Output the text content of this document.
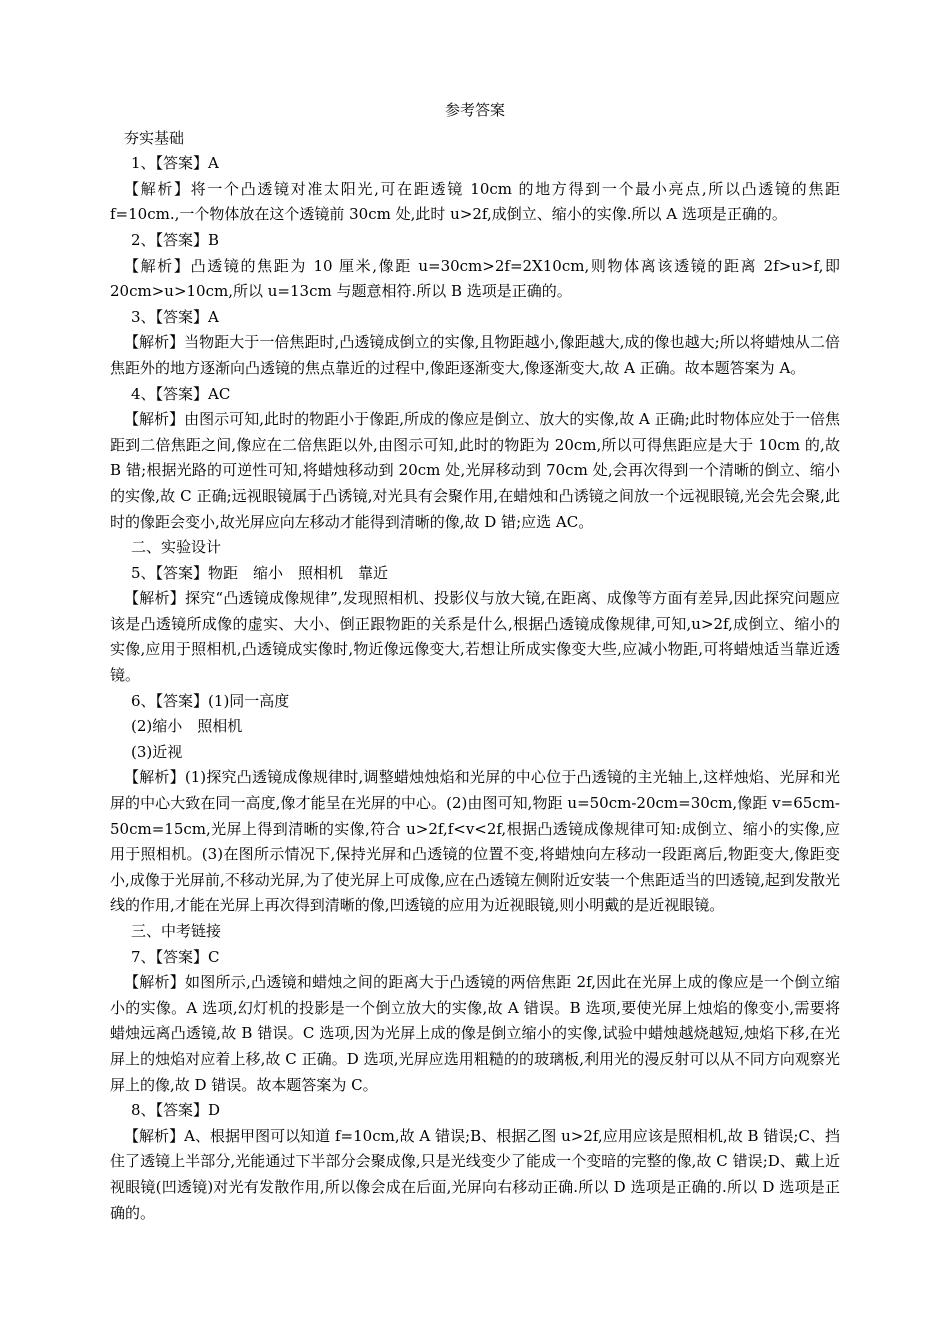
参考答案
夯实基础
1、【答案】A
【解析】将一个凸透镜对准太阳光,可在距透镜 10cm 的地方得到一个最小亮点,所以凸透镜的焦距 f=10cm.,一个物体放在这个透镜前 30cm 处,此时 u>2f,成倒立、缩小的实像.所以 A 选项是正确的。
2、【答案】B
【解析】凸透镜的焦距为 10 厘米,像距 u=30cm>2f=2X10cm,则物体离该透镜的距离 2f>u>f,即 20cm>u>10cm,所以 u=13cm 与题意相符.所以 B 选项是正确的。
3、【答案】A
【解析】当物距大于一倍焦距时,凸透镜成倒立的实像,且物距越小,像距越大,成的像也越大;所以将蜡烛从二倍焦距外的地方逐渐向凸透镜的焦点靠近的过程中,像距逐渐变大,像逐渐变大,故 A 正确。故本题答案为 A。
4、【答案】AC
【解析】由图示可知,此时的物距小于像距,所成的像应是倒立、放大的实像,故 A 正确;此时物体应处于一倍焦距到二倍焦距之间,像应在二倍焦距以外,由图示可知,此时的物距为 20cm,所以可得焦距应是大于 10cm 的,故 B 错;根据光路的可逆性可知,将蜡烛移动到 20cm 处,光屏移动到 70cm 处,会再次得到一个清晰的倒立、缩小的实像,故 C 正确;远视眼镜属于凸诱镜,对光具有会聚作用,在蜡烛和凸诱镜之间放一个远视眼镜,光会先会聚,此时的像距会变小,故光屏应向左移动才能得到清晰的像,故 D 错;应选 AC。
二、实验设计
5、【答案】物距　缩小　照相机　靠近
【解析】探究“凸透镜成像规律”,发现照相机、投影仪与放大镜,在距离、成像等方面有差异,因此探究问题应该是凸透镜所成像的虚实、大小、倒正跟物距的关系是什么,根据凸透镜成像规律,可知,u>2f,成倒立、缩小的实像,应用于照相机,凸透镜成实像时,物近像远像变大,若想让所成实像变大些,应减小物距,可将蜡烛适当靠近透镜。
6、【答案】(1)同一高度
(2)缩小　照相机
(3)近视
【解析】(1)探究凸透镜成像规律时,调整蜡烛烛焰和光屏的中心位于凸透镜的主光轴上,这样烛焰、光屏和光屏的中心大致在同一高度,像才能呈在光屏的中心。(2)由图可知,物距 u=50cm-20cm=30cm,像距 v=65cm-50cm=15cm,光屏上得到清晰的实像,符合 u>2f,f<v<2f,根据凸透镜成像规律可知:成倒立、缩小的实像,应用于照相机。(3)在图所示情况下,保持光屏和凸透镜的位置不变,将蜡烛向左移动一段距离后,物距变大,像距变小,成像于光屏前,不移动光屏,为了使光屏上可成像,应在凸透镜左侧附近安装一个焦距适当的凹透镜,起到发散光线的作用,才能在光屏上再次得到清晰的像,凹透镜的应用为近视眼镜,则小明戴的是近视眼镜。
三、中考链接
7、【答案】C
【解析】如图所示,凸透镜和蜡烛之间的距离大于凸透镜的两倍焦距 2f,因此在光屏上成的像应是一个倒立缩小的实像。A 选项,幻灯机的投影是一个倒立放大的实像,故 A 错误。B 选项,要使光屏上烛焰的像变小,需要将蜡烛远离凸透镜,故 B 错误。C 选项,因为光屏上成的像是倒立缩小的实像,试验中蜡烛越烧越短,烛焰下移,在光屏上的烛焰对应着上移,故 C 正确。D 选项,光屏应选用粗糙的的玻璃板,利用光的漫反射可以从不同方向观察光屏上的像,故 D 错误。故本题答案为 C。
8、【答案】D
【解析】A、根据甲图可以知道 f=10cm,故 A 错误;B、根据乙图 u>2f,应用应该是照相机,故 B 错误;C、挡住了透镜上半部分,光能通过下半部分会聚成像,只是光线变少了能成一个变暗的完整的像,故 C 错误;D、戴上近视眼镜(凹透镜)对光有发散作用,所以像会成在后面,光屏向右移动正确.所以 D 选项是正确的.所以 D 选项是正确的。
